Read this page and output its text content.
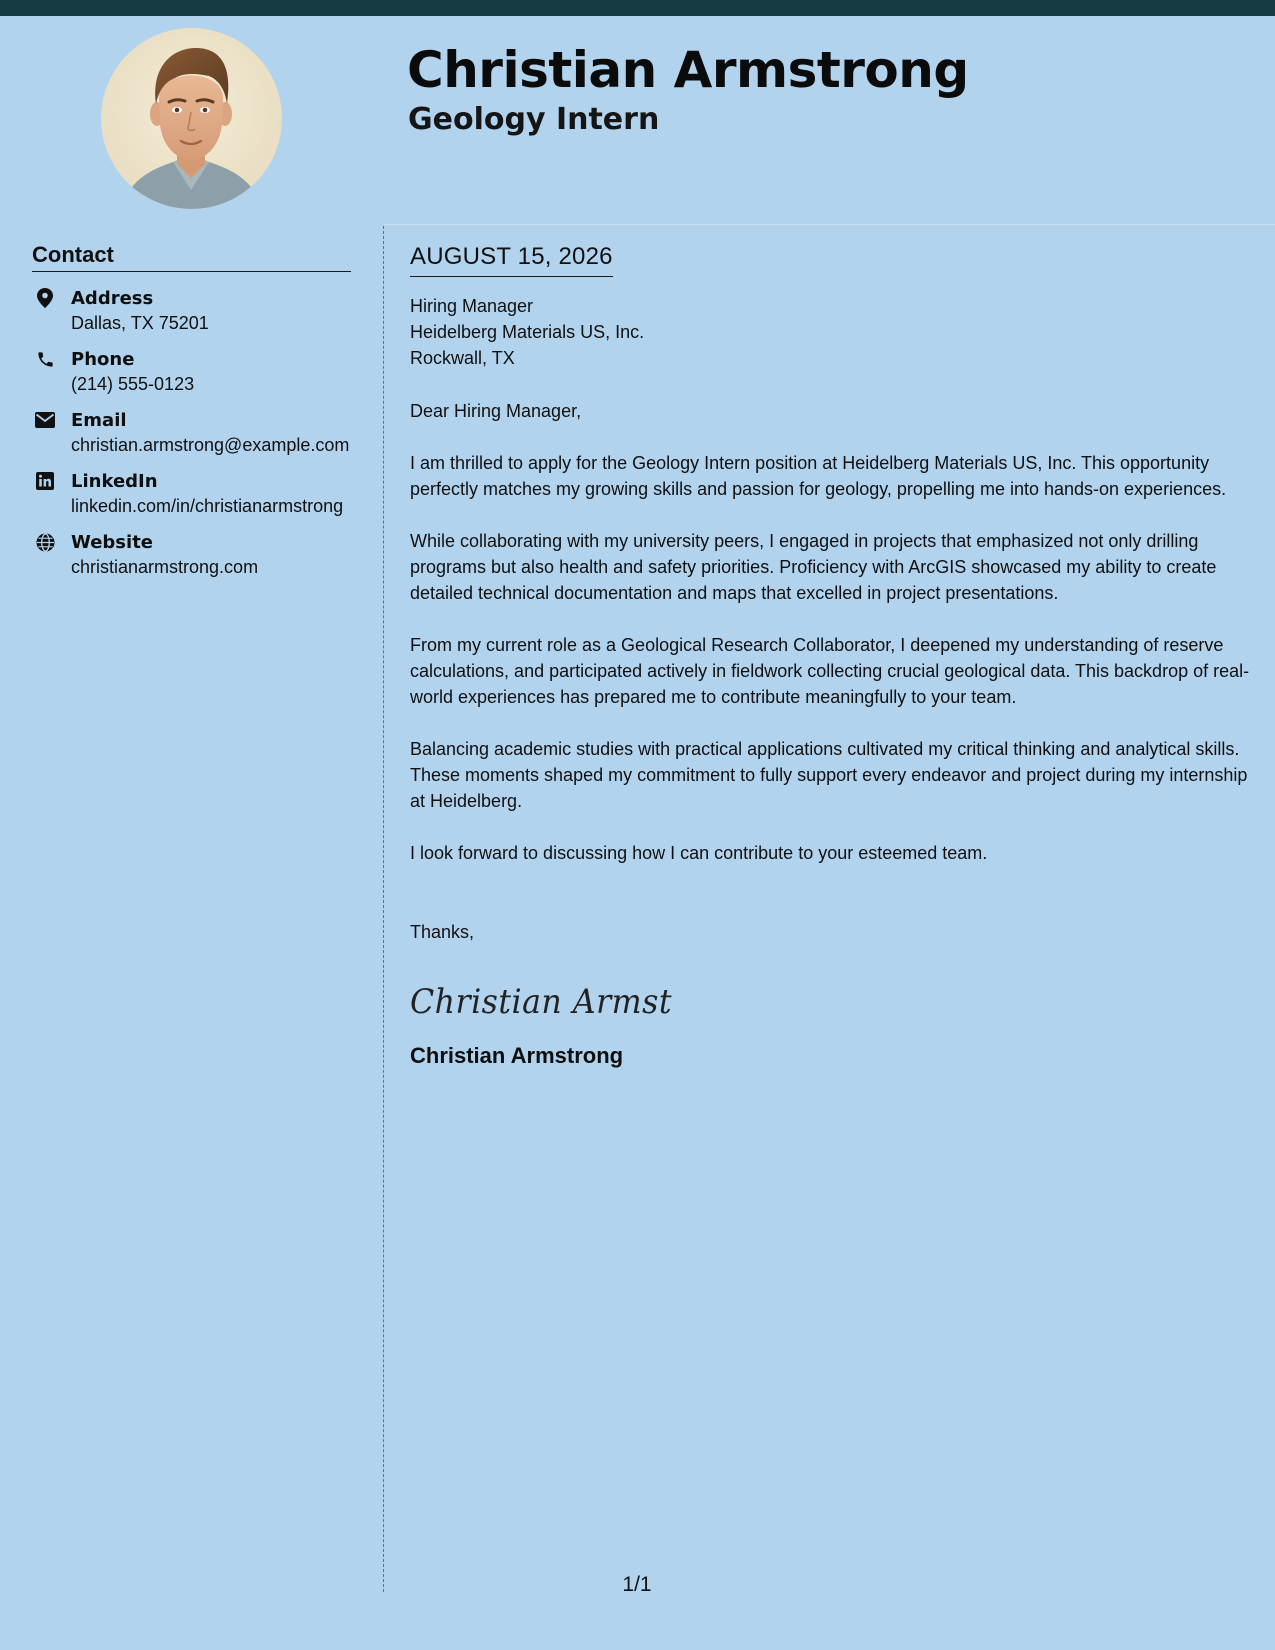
Christian Armstrong
Geology Intern
Contact
Address
Dallas, TX 75201
Phone
(214) 555-0123
Email
christian.armstrong@example.com
LinkedIn
linkedin.com/in/christianarmstrong
Website
christianarmstrong.com
AUGUST 15, 2026
Hiring Manager
Heidelberg Materials US, Inc.
Rockwall, TX

Dear Hiring Manager,

I am thrilled to apply for the Geology Intern position at Heidelberg Materials US, Inc. This opportunity perfectly matches my growing skills and passion for geology, propelling me into hands-on experiences.

While collaborating with my university peers, I engaged in projects that emphasized not only drilling programs but also health and safety priorities. Proficiency with ArcGIS showcased my ability to create detailed technical documentation and maps that excelled in project presentations.

From my current role as a Geological Research Collaborator, I deepened my understanding of reserve calculations, and participated actively in fieldwork collecting crucial geological data. This backdrop of real-world experiences has prepared me to contribute meaningfully to your team.

Balancing academic studies with practical applications cultivated my critical thinking and analytical skills. These moments shaped my commitment to fully support every endeavor and project during my internship at Heidelberg.

I look forward to discussing how I can contribute to your esteemed team.

Thanks,

Christian Armst
Christian Armstrong
1/1
